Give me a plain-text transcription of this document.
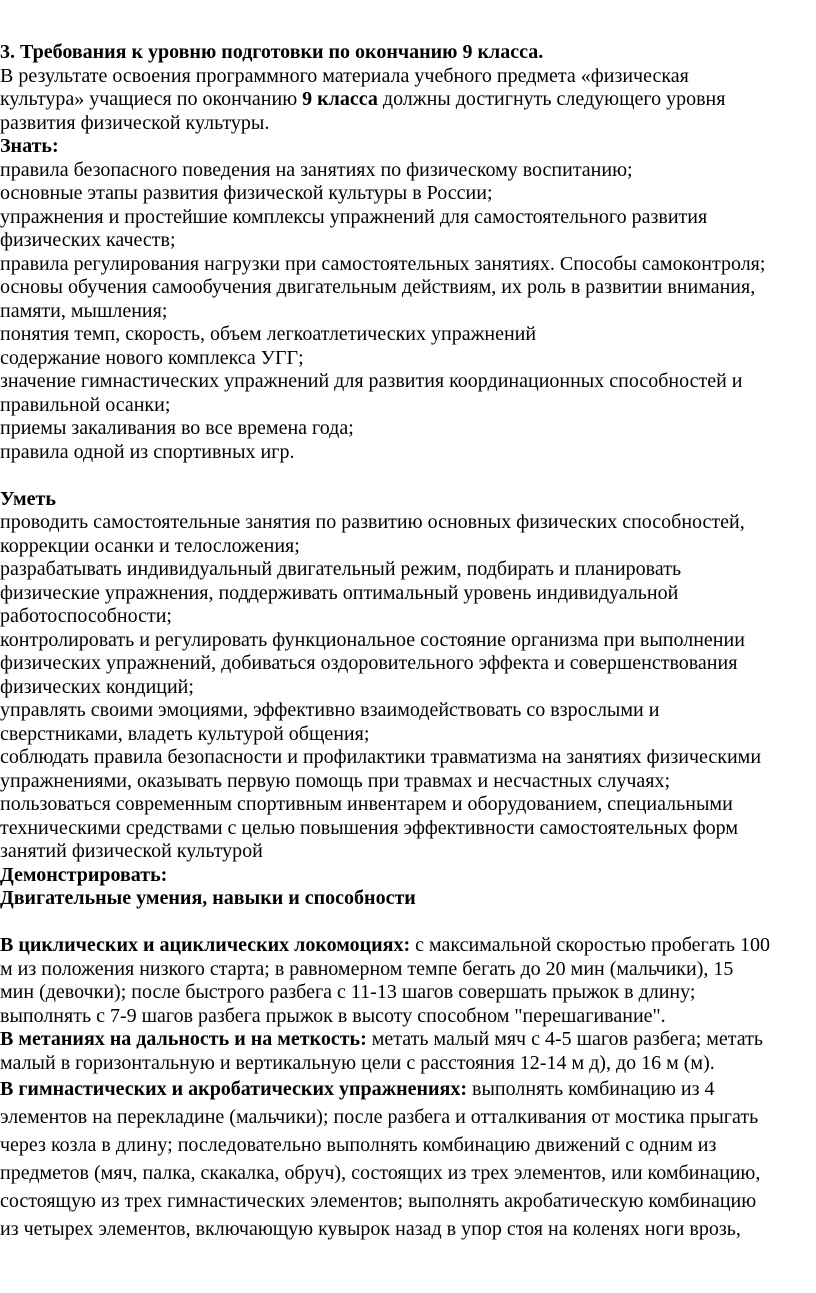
3. Требования к уровню подготовки по окончанию 9 класса.
В результате освоения программного материала учебного предмета «физическая
культура» учащиеся по окончанию 9 класса должны достигнуть следующего уровня
развития физической культуры.
Знать:
правила безопасного поведения на занятиях по физическому воспитанию;
основные этапы развития физической культуры в России;
упражнения и простейшие комплексы упражнений для самостоятельного развития
физических качеств;
правила регулирования нагрузки при самостоятельных занятиях. Способы самоконтроля;
основы обучения самообучения двигательным действиям, их роль в развитии внимания,
памяти, мышления;
понятия темп, скорость, объем легкоатлетических упражнений
содержание нового комплекса УГГ;
значение гимнастических упражнений для развития координационных способностей и
правильной осанки;
приемы закаливания во все времена года;
правила одной из спортивных игр.
Уметь
проводить самостоятельные занятия по развитию основных физических способностей,
коррекции осанки и телосложения;
разрабатывать индивидуальный двигательный режим, подбирать и планировать
физические упражнения, поддерживать оптимальный уровень индивидуальной
работоспособности;
контролировать и регулировать функциональное состояние организма при выполнении
физических упражнений, добиваться оздоровительного эффекта и совершенствования
физических кондиций;
управлять своими эмоциями, эффективно взаимодействовать со взрослыми и
сверстниками, владеть культурой общения;
соблюдать правила безопасности и профилактики травматизма на занятиях физическими
упражнениями, оказывать первую помощь при травмах и несчастных случаях;
пользоваться современным спортивным инвентарем и оборудованием, специальными
техническими средствами с целью повышения эффективности самостоятельных форм
занятий физической культурой
Демонстрировать:
Двигательные умения, навыки и способности
В циклических и ациклических локомоциях: с максимальной скоростью пробегать 100
м из положения низкого старта; в равномерном темпе бегать до 20 мин (мальчики), 15
мин (девочки); после быстрого разбега с 11-13 шагов совершать прыжок в длину;
выполнять с 7-9 шагов разбега прыжок в высоту способном "перешагивание".
В метаниях на дальность и на меткость: метать малый мяч с 4-5 шагов разбега; метать
малый в горизонтальную и вертикальную цели с расстояния 12-14 м д), до 16 м (м).
В гимнастических и акробатических упражнениях: выполнять комбинацию из 4
элементов на перекладине (мальчики); после разбега и отталкивания от мостика прыгать
через козла в длину; последовательно выполнять комбинацию движений с одним из
предметов (мяч, палка, скакалка, обруч), состоящих из трех элементов, или комбинацию,
состоящую из трех гимнастических элементов; выполнять акробатическую комбинацию
из четырех элементов, включающую кувырок назад в упор стоя на коленях ноги врозь,
